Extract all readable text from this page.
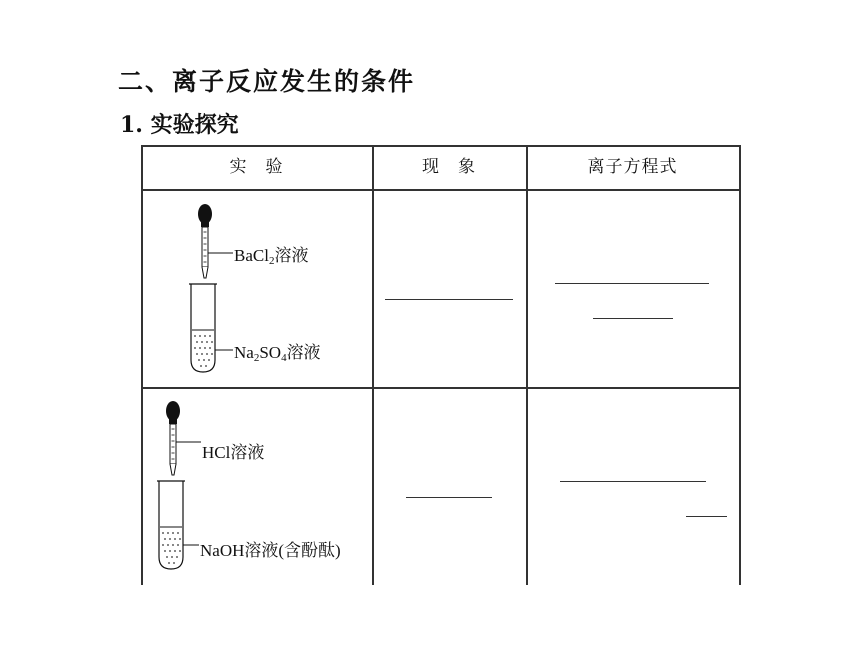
二、离子反应发生的条件
1. 实验探究
实　验	现　象	离子方程式
BaCl$_2$溶液
$Na_2SO_4$溶液
HCl溶液
NaOH溶液(含酚酞)
